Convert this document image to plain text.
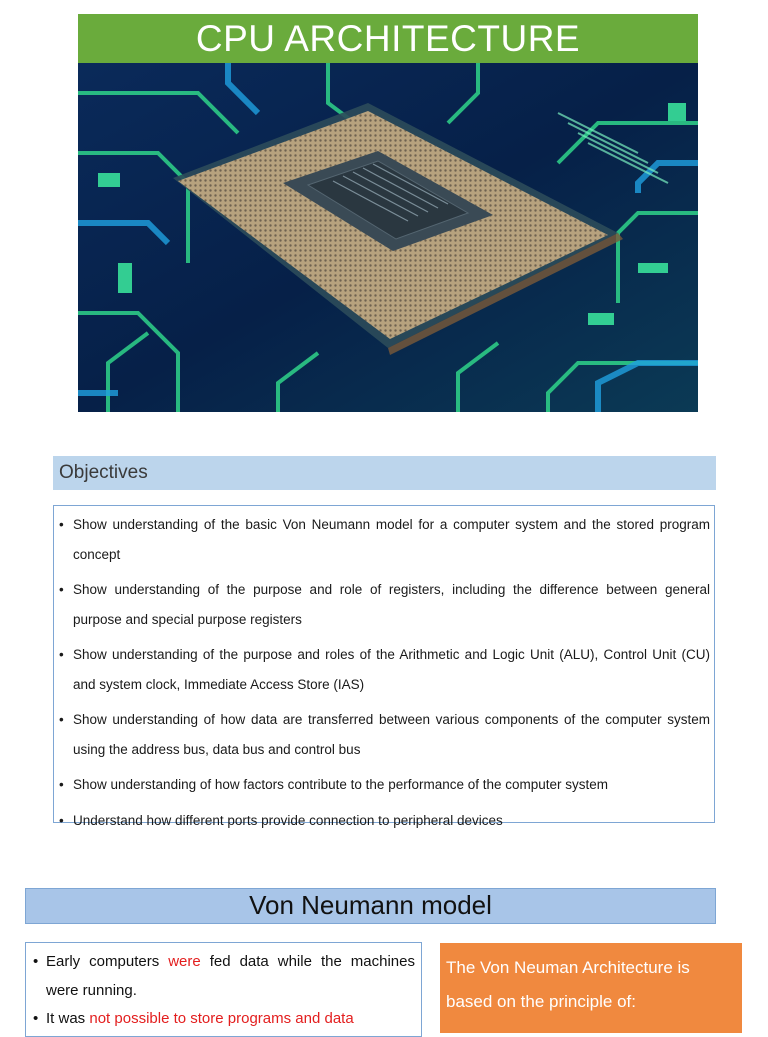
CPU ARCHITECTURE
Objectives
• Show understanding of the basic Von Neumann model for a computer system and the stored program concept
• Show understanding of the purpose and role of registers, including the difference between general purpose and special purpose registers
• Show understanding of the purpose and roles of the Arithmetic and Logic Unit (ALU), Control Unit (CU) and system clock, Immediate Access Store (IAS)
• Show understanding of how data are transferred between various components of the computer system using the address bus, data bus and control bus
• Show understanding of how factors contribute to the performance of the computer system
• Understand how different ports provide connection to peripheral devices
Von Neumann model
• Early computers were fed data while the machines were running.
• It was not possible to store programs and data
The Von Neuman Architecture is based on the principle of:
